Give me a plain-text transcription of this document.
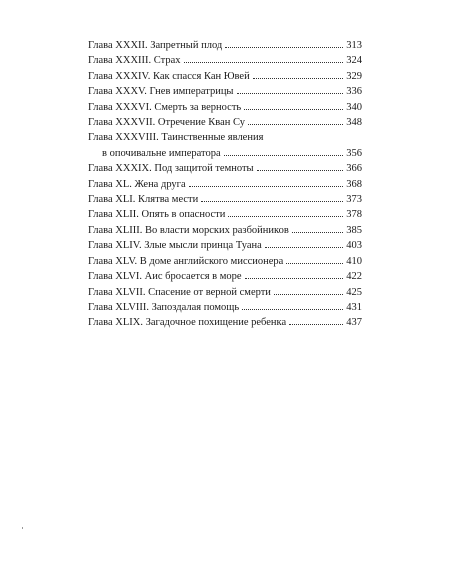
Глава XXXII. Запретный плод	313
Глава XXXIII. Страх	324
Глава XXXIV. Как спасся Кан Ювей	329
Глава XXXV. Гнев императрицы	336
Глава XXXVI. Смерть за верность	340
Глава XXXVII. Отречение Кван Су	348
Глава XXXVIII. Таинственные явления
в опочивальне императора	356
Глава XXXIX. Под защитой темноты	366
Глава XL. Жена друга	368
Глава XLI. Клятва мести	373
Глава XLII. Опять в опасности	378
Глава XLIII. Во власти морских разбойников	385
Глава XLIV. Злые мысли принца Туана	403
Глава XLV. В доме английского миссионера	410
Глава XLVI. Аис бросается в море	422
Глава XLVII. Спасение от верной смерти	425
Глава XLVIII. Запоздалая помощь	431
Глава XLIX. Загадочное похищение ребенка	437
